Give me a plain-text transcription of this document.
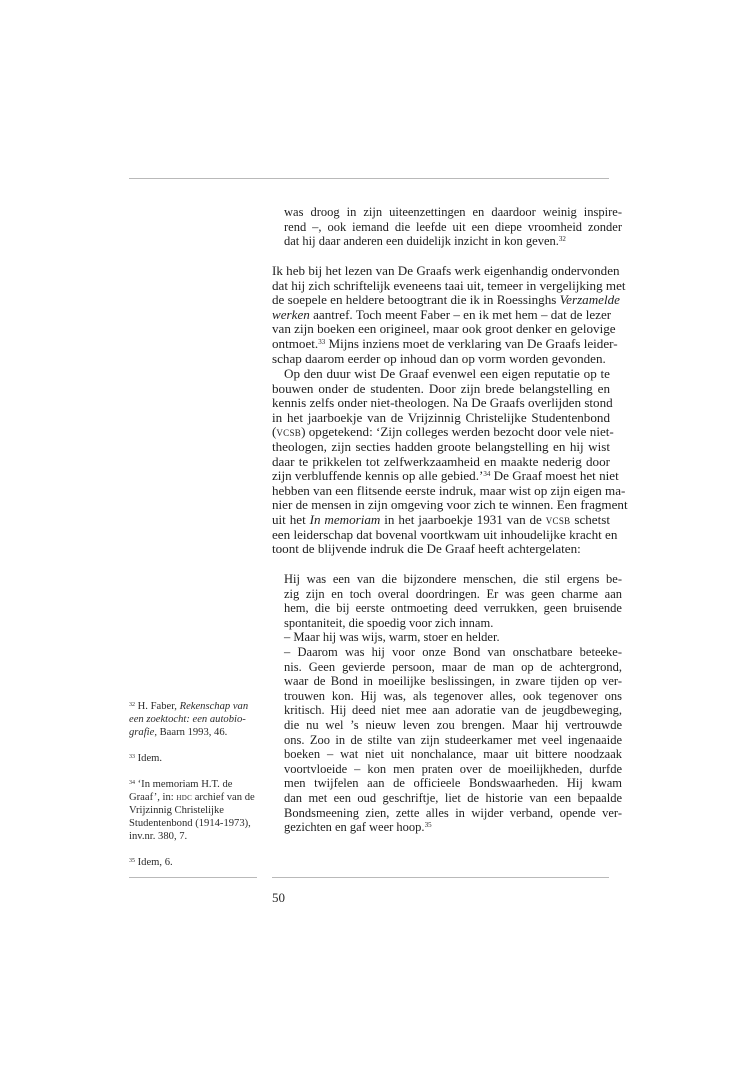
was droog in zijn uiteenzettingen en daardoor weinig inspire-
rend –, ook iemand die leefde uit een diepe vroomheid zonder
dat hij daar anderen een duidelijk inzicht in kon geven.$^{32}$
Ik heb bij het lezen van De Graafs werk eigenhandig ondervonden
dat hij zich schriftelijk eveneens taai uit, temeer in vergelijking met
de soepele en heldere betoogtrant die ik in Roessinghs Verzamelde
werken aantref. Toch meent Faber – en ik met hem – dat de lezer
van zijn boeken een origineel, maar ook groot denker en gelovige
ontmoet.$^{33}$ Mijns inziens moet de verklaring van De Graafs leider-
schap daarom eerder op inhoud dan op vorm worden gevonden.
Op den duur wist De Graaf evenwel een eigen reputatie op te
bouwen onder de studenten. Door zijn brede belangstelling en
kennis zelfs onder niet-theologen. Na De Graafs overlijden stond
in het jaarboekje van de Vrijzinnig Christelijke Studentenbond
(vcsb) opgetekend: ‘Zijn colleges werden bezocht door vele niet-
theologen, zijn secties hadden groote belangstelling en hij wist
daar te prikkelen tot zelfwerkzaamheid en maakte nederig door
zijn verbluffende kennis op alle gebied.’$^{34}$ De Graaf moest het niet
hebben van een flitsende eerste indruk, maar wist op zijn eigen ma-
nier de mensen in zijn omgeving voor zich te winnen. Een fragment
uit het In memoriam in het jaarboekje 1931 van de vcsb schetst
een leiderschap dat bovenal voortkwam uit inhoudelijke kracht en
toont de blijvende indruk die De Graaf heeft achtergelaten:
Hij was een van die bijzondere menschen, die stil ergens be-
zig zijn en toch overal doordringen. Er was geen charme aan
hem, die bij eerste ontmoeting deed verrukken, geen bruisende
spontaniteit, die spoedig voor zich innam.
– Maar hij was wijs, warm, stoer en helder.
– Daarom was hij voor onze Bond van onschatbare beteeke-
nis. Geen gevierde persoon, maar de man op de achtergrond,
waar de Bond in moeilijke beslissingen, in zware tijden op ver-
trouwen kon. Hij was, als tegenover alles, ook tegenover ons
kritisch. Hij deed niet mee aan adoratie van de jeugdbeweging,
die nu wel ’s nieuw leven zou brengen. Maar hij vertrouwde
ons. Zoo in de stilte van zijn studeerkamer met veel ingenaaide
boeken – wat niet uit nonchalance, maar uit bittere noodzaak
voortvloeide – kon men praten over de moeilijkheden, durfde
men twijfelen aan de officieele Bondswaarheden. Hij kwam
dan met een oud geschriftje, liet de historie van een bepaalde
Bondsmeening zien, zette alles in wijder verband, opende ver-
gezichten en gaf weer hoop.$^{35}$
$^{32}$ H. Faber, Rekenschap van een zoektocht: een autobio-grafie, Baarn 1993, 46.
$^{33}$ Idem.
$^{34}$ ‘In memoriam H.T. de Graaf’, in: hdc archief van de Vrijzinnig Christelijke Studentenbond (1914-1973), inv.nr. 380, 7.
$^{35}$ Idem, 6.
50
